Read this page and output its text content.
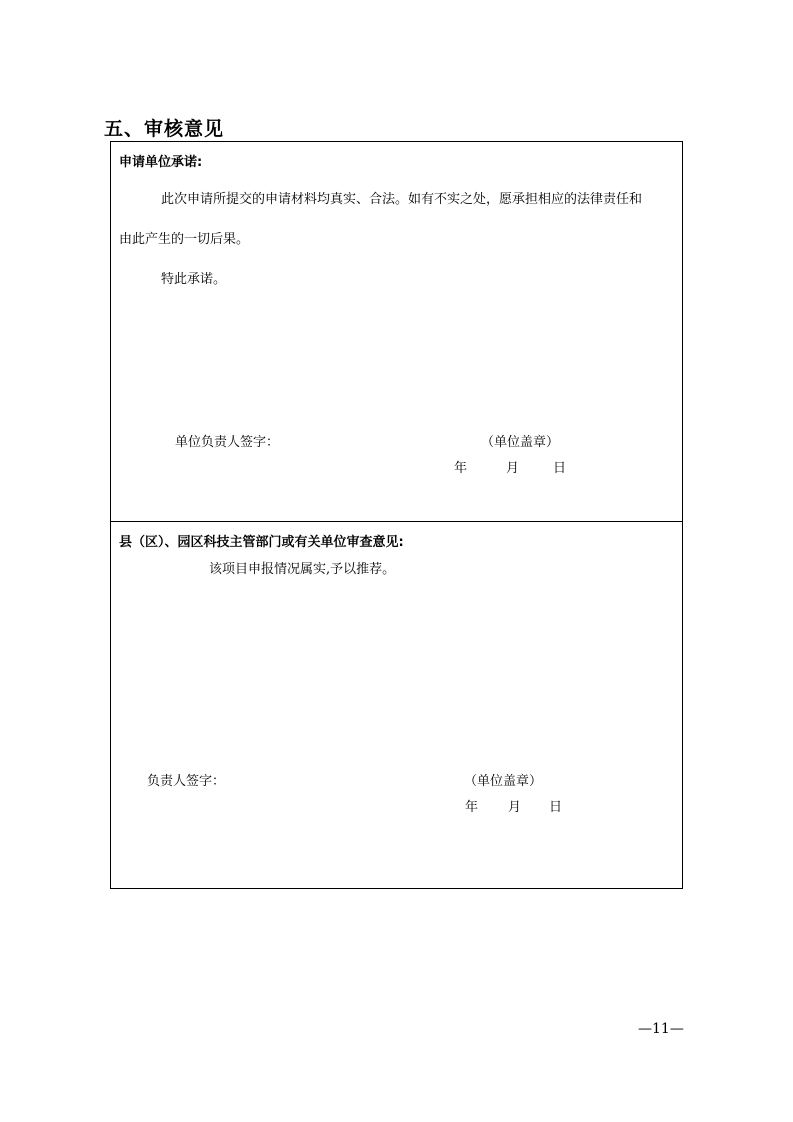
五、审核意见
申请单位承诺:
此次申请所提交的申请材料均真实、合法。如有不实之处，愿承担相应的法律责任和
由此产生的一切后果。
特此承诺。
单位负责人签字：	（单位盖章）
年	月	日
县（区）、园区科技主管部门或有关单位审查意见:
该项目申报情况属实,予以推荐。
负责人签字：	（单位盖章）
年 月 日
—11—
